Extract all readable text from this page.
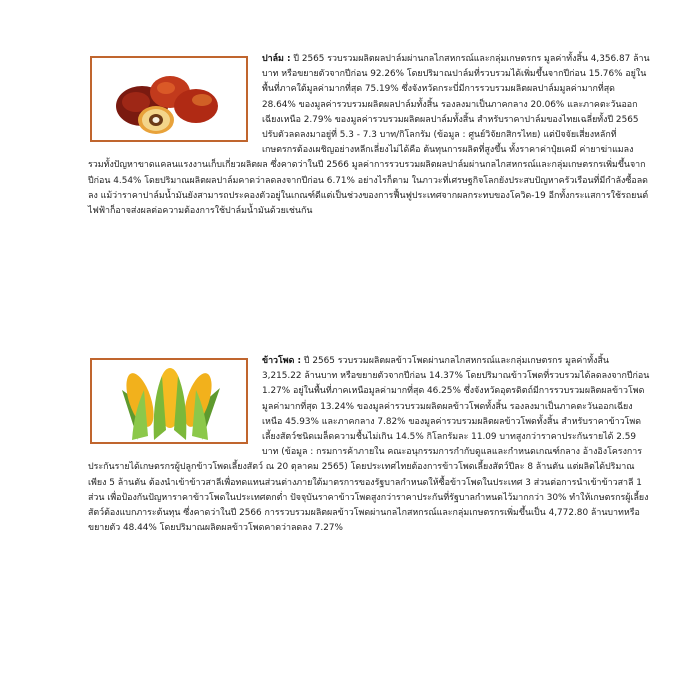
ปาล์ม : ปี 2565 รวบรวมผลิตผลปาล์มผ่านกลไกสหกรณ์และกลุ่มเกษตรกร มูลค่าทั้งสิ้น 4,356.87 ล้านบาท หรือขยายตัวจากปีก่อน 92.26% โดยปริมาณปาล์มที่รวบรวมได้เพิ่มขึ้นจากปีก่อน 15.76% อยู่ในพื้นที่ภาคใต้มูลค่ามากที่สุด 75.19% ซึ่งจังหวัดกระบี่มีการรวบรวมผลิตผลปาล์มมูลค่ามากที่สุด 28.64% ของมูลค่ารวบรวมผลิตผลปาล์มทั้งสิ้น รองลงมาเป็นภาคกลาง 20.06% และภาคตะวันออกเฉียงเหนือ 2.79% ของมูลค่ารวบรวมผลิตผลปาล์มทั้งสิ้น สำหรับราคาปาล์มของไทยเฉลี่ยทั้งปี 2565 ปรับตัวลดลงมาอยู่ที่ 5.3 - 7.3 บาท/กิโลกรัม (ข้อมูล : ศูนย์วิจัยกสิกรไทย) แต่ปัจจัยเสี่ยงหลักที่เกษตรกรต้องเผชิญอย่างหลีกเลี่ยงไม่ได้คือ ต้นทุนการผลิตที่สูงขึ้น ทั้งราคาค่าปุ๋ยเคมี ค่ายาฆ่าแมลง รวมทั้งปัญหาขาดแคลนแรงงานเก็บเกี่ยวผลิตผล ซึ่งคาดว่าในปี 2566 มูลค่าการรวบรวมผลิตผลปาล์มผ่านกลไกสหกรณ์และกลุ่มเกษตรกรเพิ่มขึ้นจากปีก่อน 4.54% โดยปริมาณผลิตผลปาล์มคาดว่าลดลงจากปีก่อน 6.71% อย่างไรก็ตาม ในภาวะที่เศรษฐกิจโลกยังประสบปัญหาครัวเรือนที่มีกำลังซื้อลดลง แม้ว่าราคาปาล์มน้ำมันยังสามารถประคองตัวอยู่ในเกณฑ์ดีแต่เป็นช่วงของการฟื้นฟูประเทศจากผลกระทบของโควิด-19 อีกทั้งกระแสการใช้รถยนต์ไฟฟ้าก็อาจส่งผลต่อความต้องการใช้ปาล์มน้ำมันด้วยเช่นกัน

ข้าวโพด : ปี 2565 รวบรวมผลิตผลข้าวโพดผ่านกลไกสหกรณ์และกลุ่มเกษตรกร มูลค่าทั้งสิ้น 3,215.22 ล้านบาท หรือขยายตัวจากปีก่อน 14.37% โดยปริมาณข้าวโพดที่รวบรวมได้ลดลงจากปีก่อน 1.27% อยู่ในพื้นที่ภาคเหนือมูลค่ามากที่สุด 46.25% ซึ่งจังหวัดอุตรดิตถ์มีการรวบรวมผลิตผลข้าวโพดมูลค่ามากที่สุด 13.24% ของมูลค่ารวบรวมผลิตผลข้าวโพดทั้งสิ้น รองลงมาเป็นภาคตะวันออกเฉียงเหนือ 45.93% และภาคกลาง 7.82% ของมูลค่ารวบรวมผลิตผลข้าวโพดทั้งสิ้น สำหรับราคาข้าวโพดเลี้ยงสัตว์ชนิดเมล็ดความชื้นไม่เกิน 14.5% กิโลกรัมละ 11.09 บาทสูงกว่าราคาประกันรายได้ 2.59 บาท (ข้อมูล : กรมการค้าภายใน คณะอนุกรรมการกำกับดูแลและกำหนดเกณฑ์กลาง อ้างอิงโครงการประกันรายได้เกษตรกรผู้ปลูกข้าวโพดเลี้ยงสัตว์ ณ 20 ตุลาคม 2565) โดยประเทศไทยต้องการข้าวโพดเลี้ยงสัตว์ปีละ 8 ล้านตัน แต่ผลิตได้ปริมาณเพียง 5 ล้านตัน ต้องนำเข้าข้าวสาลีเพื่อทดแทนส่วนต่างภายใต้มาตรการของรัฐบาลกำหนดให้ซื้อข้าวโพดในประเทศ 3 ส่วนต่อการนำเข้าข้าวสาลี 1 ส่วน เพื่อป้องกันปัญหาราคาข้าวโพดในประเทศตกต่ำ ปัจจุบันราคาข้าวโพดสูงกว่าราคาประกันที่รัฐบาลกำหนดไว้มากกว่า 30% ทำให้เกษตรกรผู้เลี้ยงสัตว์ต้องแบกภาระต้นทุน ซึ่งคาดว่าในปี 2566 การรวบรวมผลิตผลข้าวโพดผ่านกลไกสหกรณ์และกลุ่มเกษตรกรเพิ่มขึ้นเป็น 4,772.80 ล้านบาทหรือขยายตัว 48.44% โดยปริมาณผลิตผลข้าวโพดคาดว่าลดลง 7.27%
